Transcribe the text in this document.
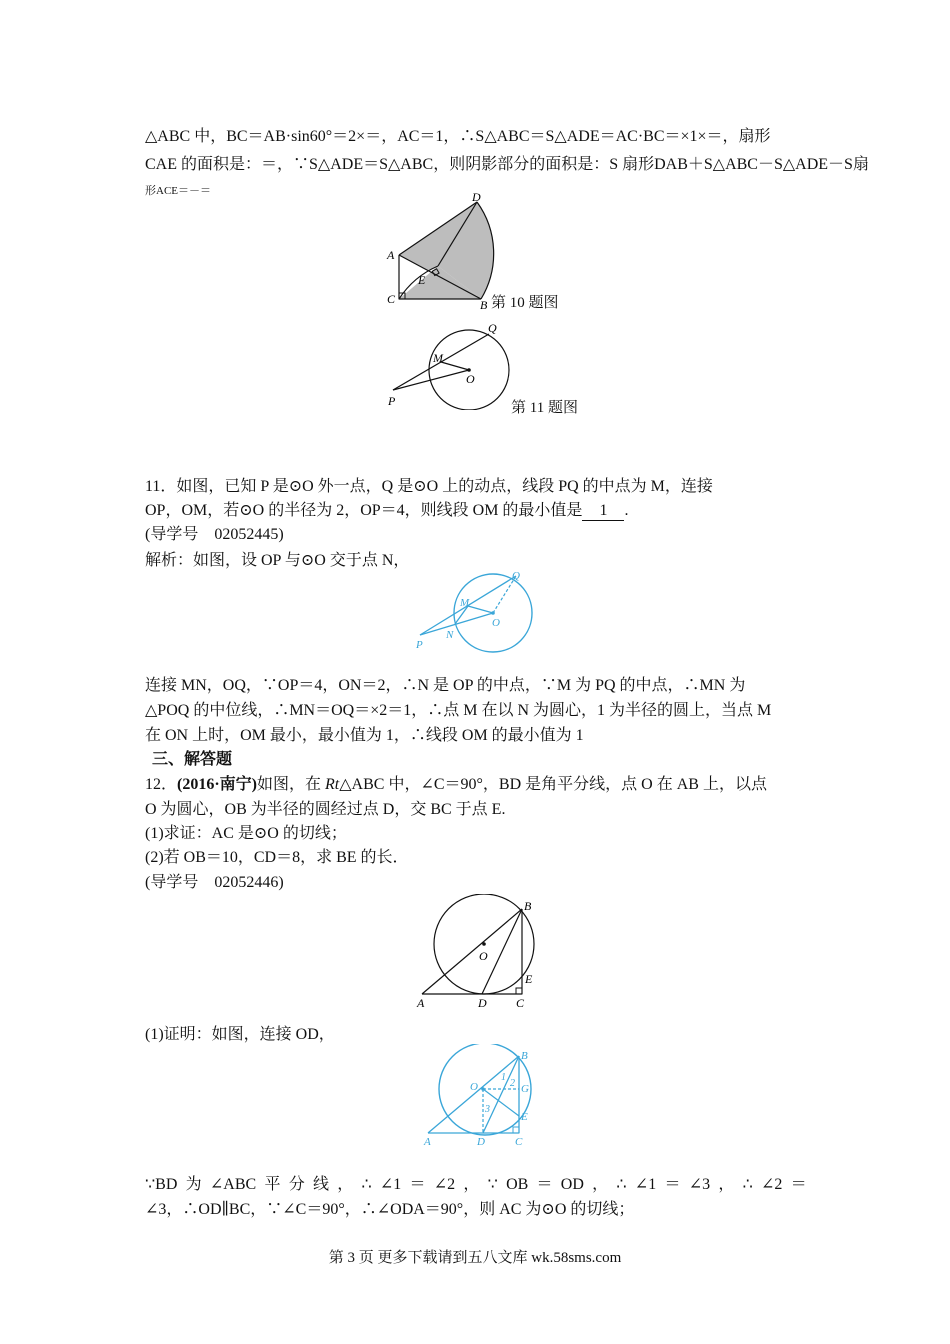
△ABC 中，BC＝AB·sin60°＝2×＝，AC＝1，∴S△ABC＝S△ADE＝AC·BC＝×1×＝，扇形
CAE 的面积是：＝，∵S△ADE＝S△ABC，则阴影部分的面积是：S 扇形DAB＋S△ABC－S△ADE－S扇
形ACE＝－＝
A
C	B
D
E
第 10 题图
Q
M
O
P	第 11 题图
11．如图，已知 P 是⊙O 外一点，Q 是⊙O 上的动点，线段 PQ 的中点为 M，连接
OP，OM，若⊙O 的半径为 2，OP＝4，则线段 OM 的最小值是 1 .
(导学号　02052445)
解析：如图，设 OP 与⊙O 交于点 N，
Q
M
O
N
P
连接 MN，OQ，∵OP＝4，ON＝2，∴N 是 OP 的中点，∵M 为 PQ 的中点，∴MN 为
△POQ 的中位线，∴MN＝OQ＝×2＝1，∴点 M 在以 N 为圆心，1 为半径的圆上，当点 M
在 ON 上时，OM 最小，最小值为 1，∴线段 OM 的最小值为 1
三、解答题
12．(2016·南宁)如图，在 Rt△ABC 中，∠C＝90°，BD 是角平分线，点 O 在 AB 上，以点
O 为圆心，OB 为半径的圆经过点 D，交 BC 于点 E.
(1)求证：AC 是⊙O 的切线；
(2)若 OB＝10，CD＝8，求 BE 的长．
(导学号　02052446)
B
O
E
A	D C
(1)证明：如图，连接 OD，
B
O	G
E
A	D	C
1
2
3
∵BD 为 ∠ABC 平 分 线 ， ∴ ∠1 ＝ ∠2 ， ∵ OB ＝ OD ， ∴ ∠1 ＝ ∠3 ， ∴ ∠2 ＝
∠3，∴OD∥BC，∵∠C＝90°，∴∠ODA＝90°，则 AC 为⊙O 的切线；
第 3 页 更多下载请到五八文库 wk.58sms.com
